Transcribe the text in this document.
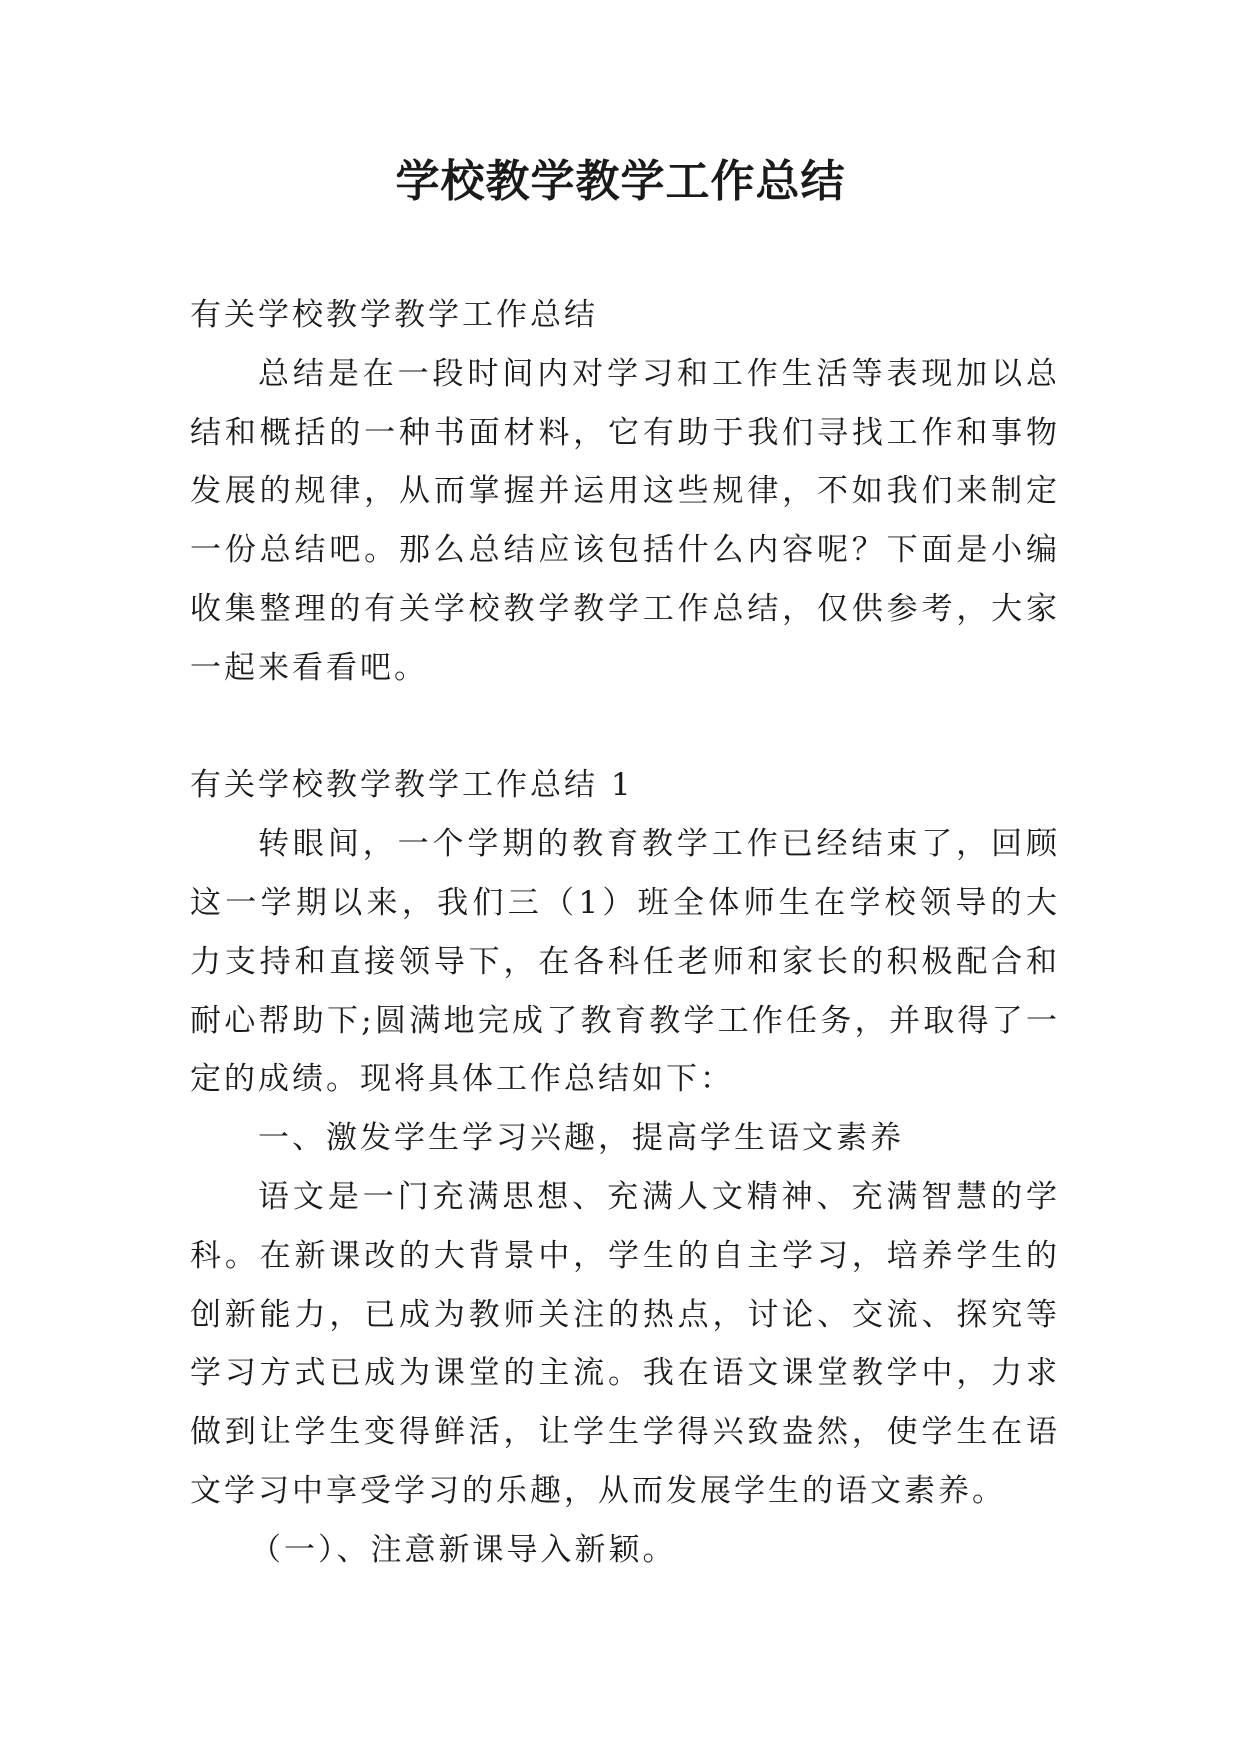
学校教学教学工作总结

有关学校教学教学工作总结

总结是在一段时间内对学习和工作生活等表现加以总结和概括的一种书面材料，它有助于我们寻找工作和事物发展的规律，从而掌握并运用这些规律，不如我们来制定一份总结吧。那么总结应该包括什么内容呢？下面是小编收集整理的有关学校教学教学工作总结，仅供参考，大家一起来看看吧。

有关学校教学教学工作总结 1

转眼间，一个学期的教育教学工作已经结束了，回顾这一学期以来，我们三（1）班全体师生在学校领导的大力支持和直接领导下，在各科任老师和家长的积极配合和耐心帮助下;圆满地完成了教育教学工作任务，并取得了一定的成绩。现将具体工作总结如下：

一、激发学生学习兴趣，提高学生语文素养

语文是一门充满思想、充满人文精神、充满智慧的学科。在新课改的大背景中，学生的自主学习，培养学生的创新能力，已成为教师关注的热点，讨论、交流、探究等学习方式已成为课堂的主流。我在语文课堂教学中，力求做到让学生变得鲜活，让学生学得兴致盎然，使学生在语文学习中享受学习的乐趣，从而发展学生的语文素养。

（一）、注意新课导入新颖。
